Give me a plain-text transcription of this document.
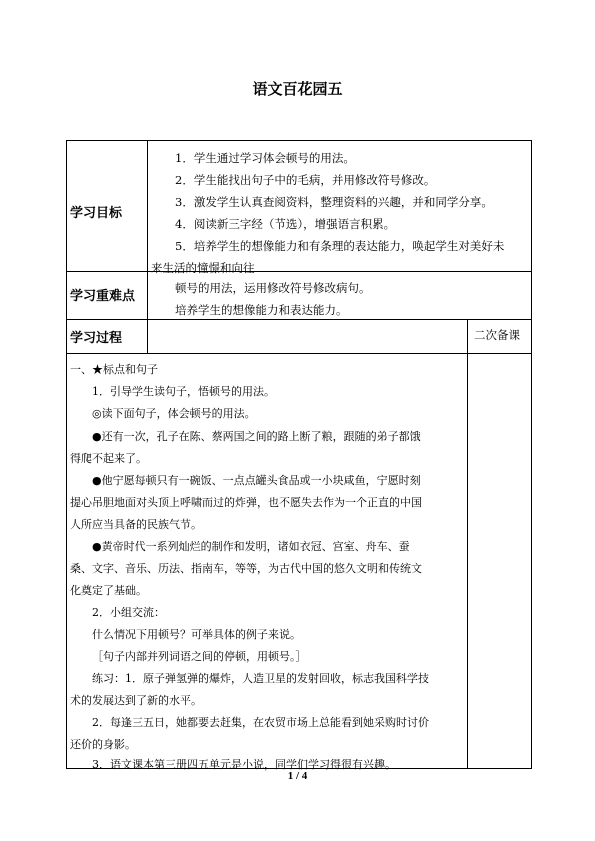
语文百花园五
学习目标
1．学生通过学习体会顿号的用法。
2．学生能找出句子中的毛病，并用修改符号修改。
3．激发学生认真查阅资料，整理资料的兴趣，并和同学分享。
4．阅读新三字经（节选），增强语言积累。
5．培养学生的想像能力和有条理的表达能力，唤起学生对美好未
来生活的憧憬和向往
学习重难点
顿号的用法，运用修改符号修改病句。
培养学生的想像能力和表达能力。
学习过程	二次备课
一、★标点和句子
1．引导学生读句子，悟顿号的用法。
◎读下面句子，体会顿号的用法。
●还有一次，孔子在陈、蔡两国之间的路上断了粮，跟随的弟子都饿
得爬不起来了。
●他宁愿每顿只有一碗饭、一点点罐头食品或一小块咸鱼，宁愿时刻
提心吊胆地面对头顶上呼啸而过的炸弹，也不愿失去作为一个正直的中国
人所应当具备的民族气节。
●黄帝时代一系列灿烂的制作和发明，诸如衣冠、宫室、舟车、蚕
桑、文字、音乐、历法、指南车，等等，为古代中国的悠久文明和传统文
化奠定了基础。
2．小组交流：
什么情况下用顿号？可举具体的例子来说。
［句子内部并列词语之间的停顿，用顿号。］
练习：1．原子弹氢弹的爆炸，人造卫星的发射回收，标志我国科学技
术的发展达到了新的水平。
2．每逢三五日，她都要去赶集，在农贸市场上总能看到她采购时讨价
还价的身影。
3．语文课本第三册四五单元是小说，同学们学习得很有兴趣。
1 / 4
